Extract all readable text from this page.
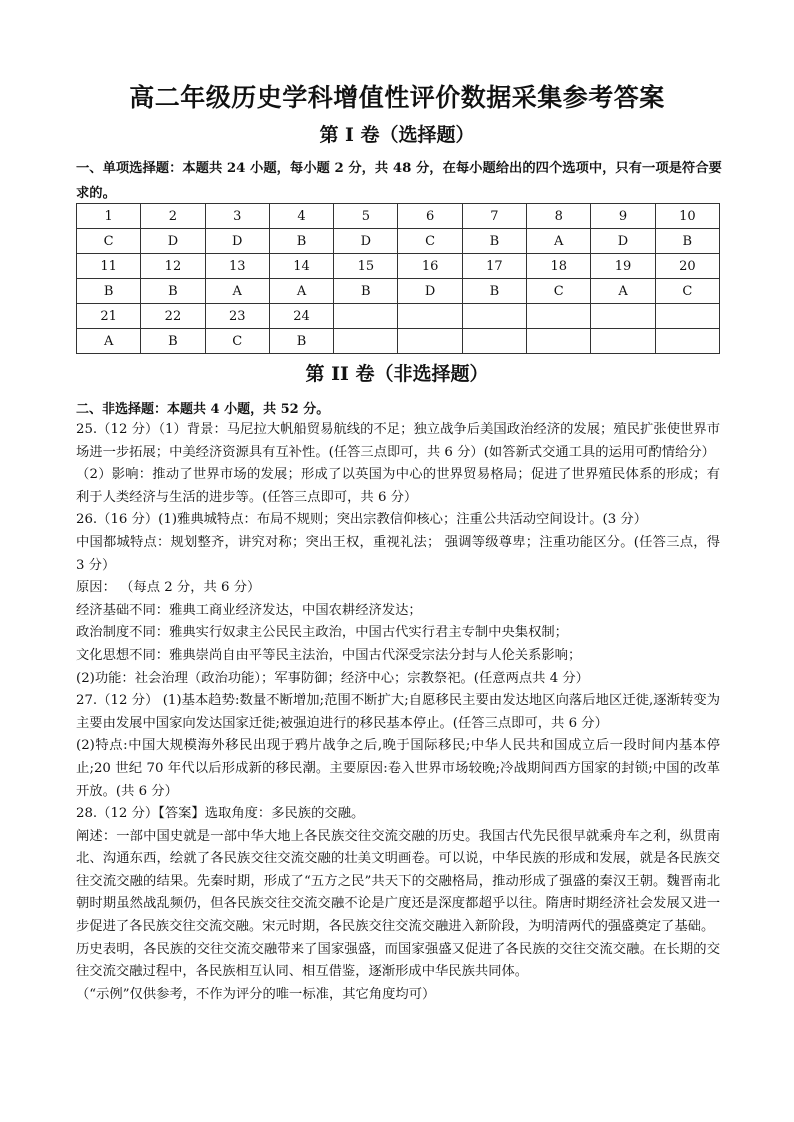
高二年级历史学科增值性评价数据采集参考答案
第 I 卷（选择题）
一、单项选择题：本题共 24 小题，每小题 2 分，共 48 分，在每小题给出的四个选项中，只有一项是符合要求的。
1	2	3	4	5	6	7	8	9	10
C	D	D	B	D	C	B	A	D	B
11	12	13	14	15	16	17	18	19	20
B	B	A	A	B	D	B	C	A	C
21	22	23	24						
A	B	C	B						
第 II 卷（非选择题）
二、非选择题：本题共 4 小题，共 52 分。

25.（12 分）（1）背景：马尼拉大帆船贸易航线的不足；独立战争后美国政治经济的发展；殖民扩张使世界市场进一步拓展；中美经济资源具有互补性。(任答三点即可，共 6 分）(如答新式交通工具的运用可酌情给分）

（2）影响：推动了世界市场的发展；形成了以英国为中心的世界贸易格局；促进了世界殖民体系的形成；有利于人类经济与生活的进步等。(任答三点即可，共 6 分）

26.（16 分）(1)雅典城特点：布局不规则；突出宗教信仰核心；注重公共活动空间设计。(3 分）

中国都城特点：规划整齐，讲究对称；突出王权，重视礼法； 强调等级尊卑；注重功能区分。(任答三点，得 3 分）

原因： （每点 2 分，共 6 分）

经济基础不同：雅典工商业经济发达，中国农耕经济发达；

政治制度不同：雅典实行奴隶主公民民主政治，中国古代实行君主专制中央集权制；

文化思想不同：雅典崇尚自由平等民主法治，中国古代深受宗法分封与人伦关系影响；

(2)功能：社会治理（政治功能）；军事防御；经济中心；宗教祭祀。(任意两点共 4 分）

27.（12 分） (1)基本趋势:数量不断增加;范围不断扩大;自愿移民主要由发达地区向落后地区迁徙,逐渐转变为主要由发展中国家向发达国家迁徙;被强迫进行的移民基本停止。(任答三点即可，共 6 分）

(2)特点:中国大规模海外移民出现于鸦片战争之后,晚于国际移民;中华人民共和国成立后一段时间内基本停止;20 世纪 70 年代以后形成新的移民潮。主要原因:卷入世界市场较晚;冷战期间西方国家的封锁;中国的改革开放。(共 6 分）

28.（12 分）【答案】选取角度：多民族的交融。

阐述：一部中国史就是一部中华大地上各民族交往交流交融的历史。我国古代先民很早就乘舟车之利，纵贯南北、沟通东西，绘就了各民族交往交流交融的壮美文明画卷。可以说，中华民族的形成和发展，就是各民族交往交流交融的结果。先秦时期，形成了“五方之民”共天下的交融格局，推动形成了强盛的秦汉王朝。魏晋南北朝时期虽然战乱频仍，但各民族交往交流交融不论是广度还是深度都超乎以往。隋唐时期经济社会发展又进一步促进了各民族交往交流交融。宋元时期，各民族交往交流交融进入新阶段，为明清两代的强盛奠定了基础。

历史表明，各民族的交往交流交融带来了国家强盛，而国家强盛又促进了各民族的交往交流交融。在长期的交往交流交融过程中，各民族相互认同、相互借鉴，逐渐形成中华民族共同体。

（“示例”仅供参考，不作为评分的唯一标准，其它角度均可）
